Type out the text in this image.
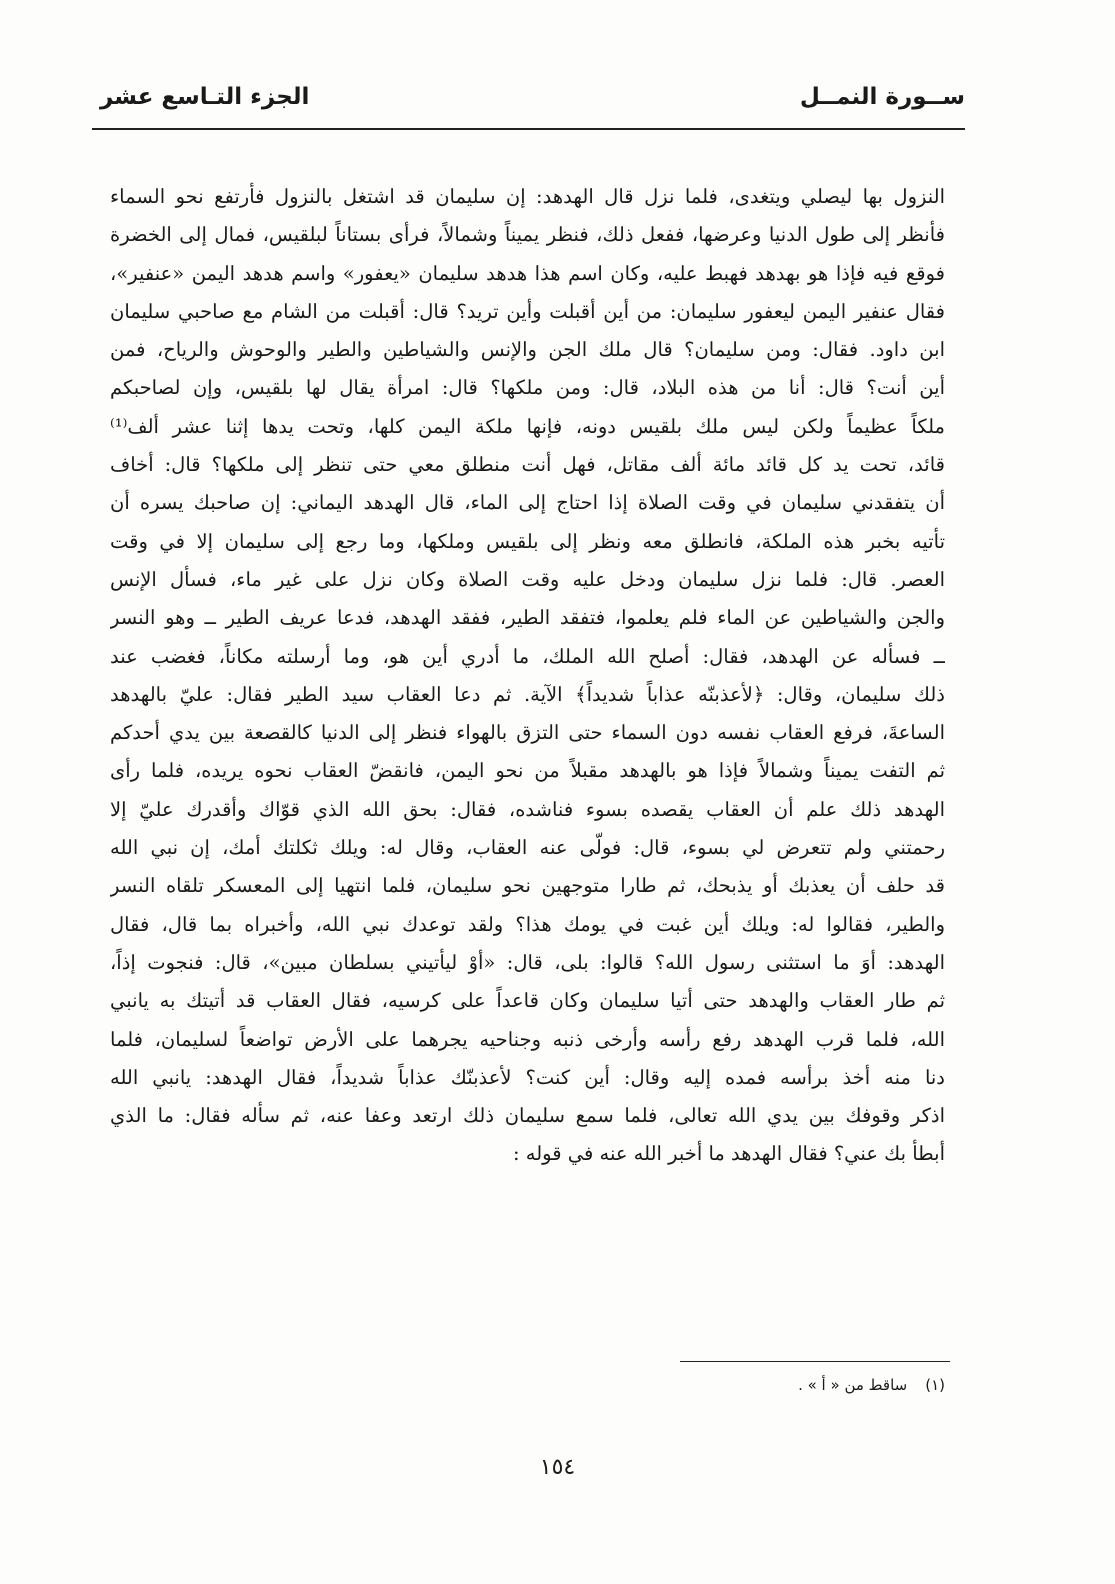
ســورة النمــل
الجزء التـاسع عشر
النزول بها ليصلي ويتغدى، فلما نزل قال الهدهد: إن سليمان قد اشتغل بالنزول فأرتفع نحو السماء
فأنظر إلى طول الدنيا وعرضها، ففعل ذلك، فنظر يميناً وشمالاً، فرأى بستاناً لبلقيس، فمال إلى الخضرة
فوقع فيه فإذا هو بهدهد فهبط عليه، وكان اسم هذا هدهد سليمان «يعفور» واسم هدهد اليمن «عنفير»،
فقال عنفير اليمن ليعفور سليمان: من أين أقبلت وأين تريد؟ قال: أقبلت من الشام مع صاحبي سليمان
ابن داود. فقال: ومن سليمان؟ قال ملك الجن والإنس والشياطين والطير والوحوش والرياح، فمن
أين أنت؟ قال: أنا من هذه البلاد، قال: ومن ملكها؟ قال: امرأة يقال لها بلقيس، وإن لصاحبكم
ملكاً عظيماً ولكن ليس ملك بلقيس دونه، فإنها ملكة اليمن كلها، وتحت يدها إثنا عشر ألف⁽¹⁾
قائد، تحت يد كل قائد مائة ألف مقاتل، فهل أنت منطلق معي حتى تنظر إلى ملكها؟ قال: أخاف
أن يتفقدني سليمان في وقت الصلاة إذا احتاج إلى الماء، قال الهدهد اليماني: إن صاحبك يسره أن
تأتيه بخبر هذه الملكة، فانطلق معه ونظر إلى بلقيس وملكها، وما رجع إلى سليمان إلا في وقت
العصر. قال: فلما نزل سليمان ودخل عليه وقت الصلاة وكان نزل على غير ماء، فسأل الإنس
والجن والشياطين عن الماء فلم يعلموا، فتفقد الطير، ففقد الهدهد، فدعا عريف الطير ــ وهو النسر
ــ فسأله عن الهدهد، فقال: أصلح الله الملك، ما أدري أين هو، وما أرسلته مكاناً، فغضب عند
ذلك سليمان، وقال: ﴿لأعذبنّه عذاباً شديداً﴾ الآية. ثم دعا العقاب سيد الطير فقال: عليّ بالهدهد
الساعةَ، فرفع العقاب نفسه دون السماء حتى التزق بالهواء فنظر إلى الدنيا كالقصعة بين يدي أحدكم
ثم التفت يميناً وشمالاً فإذا هو بالهدهد مقبلاً من نحو اليمن، فانقضّ العقاب نحوه يريده، فلما رأى
الهدهد ذلك علم أن العقاب يقصده بسوء فناشده، فقال: بحق الله الذي قوّاك وأقدرك عليّ إلا
رحمتني ولم تتعرض لي بسوء، قال: فولّى عنه العقاب، وقال له: ويلك ثكلتك أمك، إن نبي الله
قد حلف أن يعذبك أو يذبحك، ثم طارا متوجهين نحو سليمان، فلما انتهيا إلى المعسكر تلقاه النسر
والطير، فقالوا له: ويلك أين غبت في يومك هذا؟ ولقد توعدك نبي الله، وأخبراه بما قال، فقال
الهدهد: أوَ ما استثنى رسول الله؟ قالوا: بلى، قال: «أوْ ليأتيني بسلطان مبين»، قال: فنجوت إذاً،
ثم طار العقاب والهدهد حتى أتيا سليمان وكان قاعداً على كرسيه، فقال العقاب قد أتيتك به يانبي
الله، فلما قرب الهدهد رفع رأسه وأرخى ذنبه وجناحيه يجرهما على الأرض تواضعاً لسليمان، فلما
دنا منه أخذ برأسه فمده إليه وقال: أين كنت؟ لأعذبنّك عذاباً شديداً، فقال الهدهد: يانبي الله
اذكر وقوفك بين يدي الله تعالى، فلما سمع سليمان ذلك ارتعد وعفا عنه، ثم سأله فقال: ما الذي
أبطأ بك عني؟ فقال الهدهد ما أخبر الله عنه في قوله :
(١)ساقط من « أ » .
١٥٤
